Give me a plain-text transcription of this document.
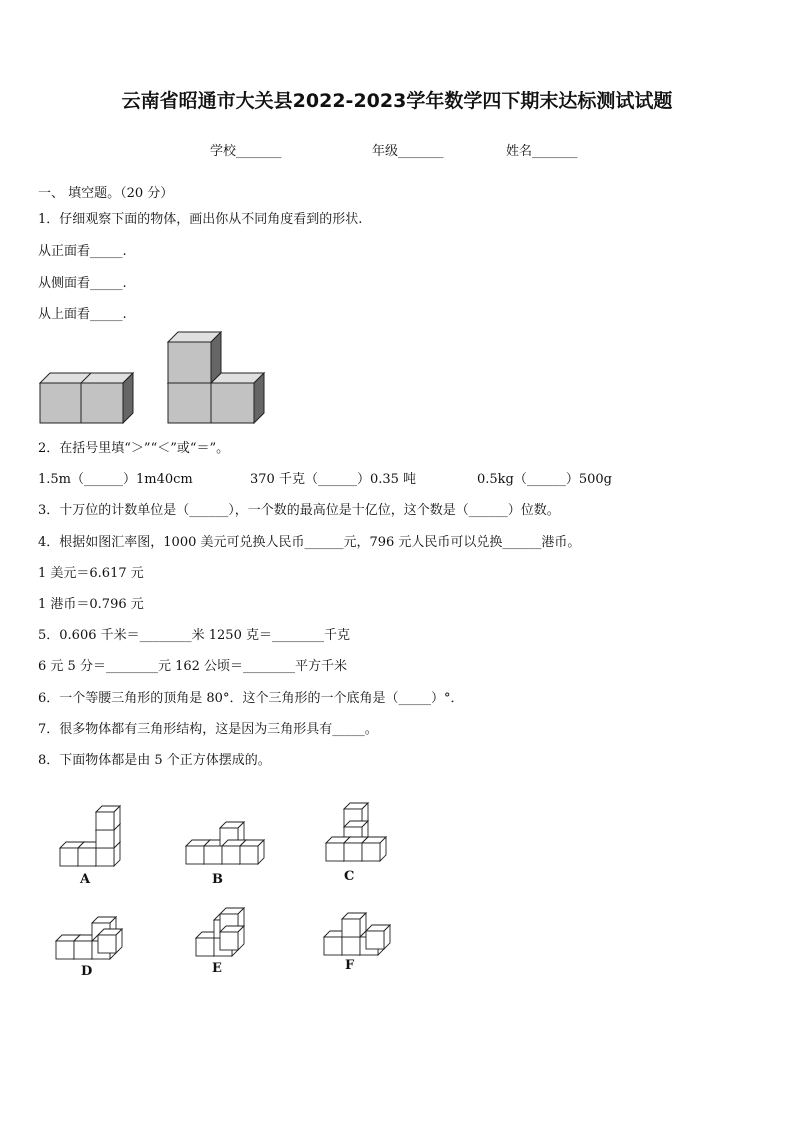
云南省昭通市大关县2022-2023学年数学四下期末达标测试试题
学校_______	年级_______	姓名_______
一、 填空题。（20 分）
1．仔细观察下面的物体，画出你从不同角度看到的形状.
从正面看_____.
从侧面看_____.
从上面看_____.
2．在括号里填“＞”“＜”或“＝”。
1.5m（______）1m40cm	370 千克（______）0.35 吨	0.5kg（______）500g
3．十万位的计数单位是（______），一个数的最高位是十亿位，这个数是（______）位数。
4．根据如图汇率图，1000 美元可兑换人民币______元，796 元人民币可以兑换______港币。
1 美元＝6.617 元
1 港币＝0.796 元
5．0.606 千米＝________米 1250 克＝________千克
6 元 5 分＝________元 162 公顷＝________平方千米
6．一个等腰三角形的顶角是 80°．这个三角形的一个底角是（_____）°．
7．很多物体都有三角形结构，这是因为三角形具有_____。
8．下面物体都是由 5 个正方体摆成的。
A	B	C
D	E	F
